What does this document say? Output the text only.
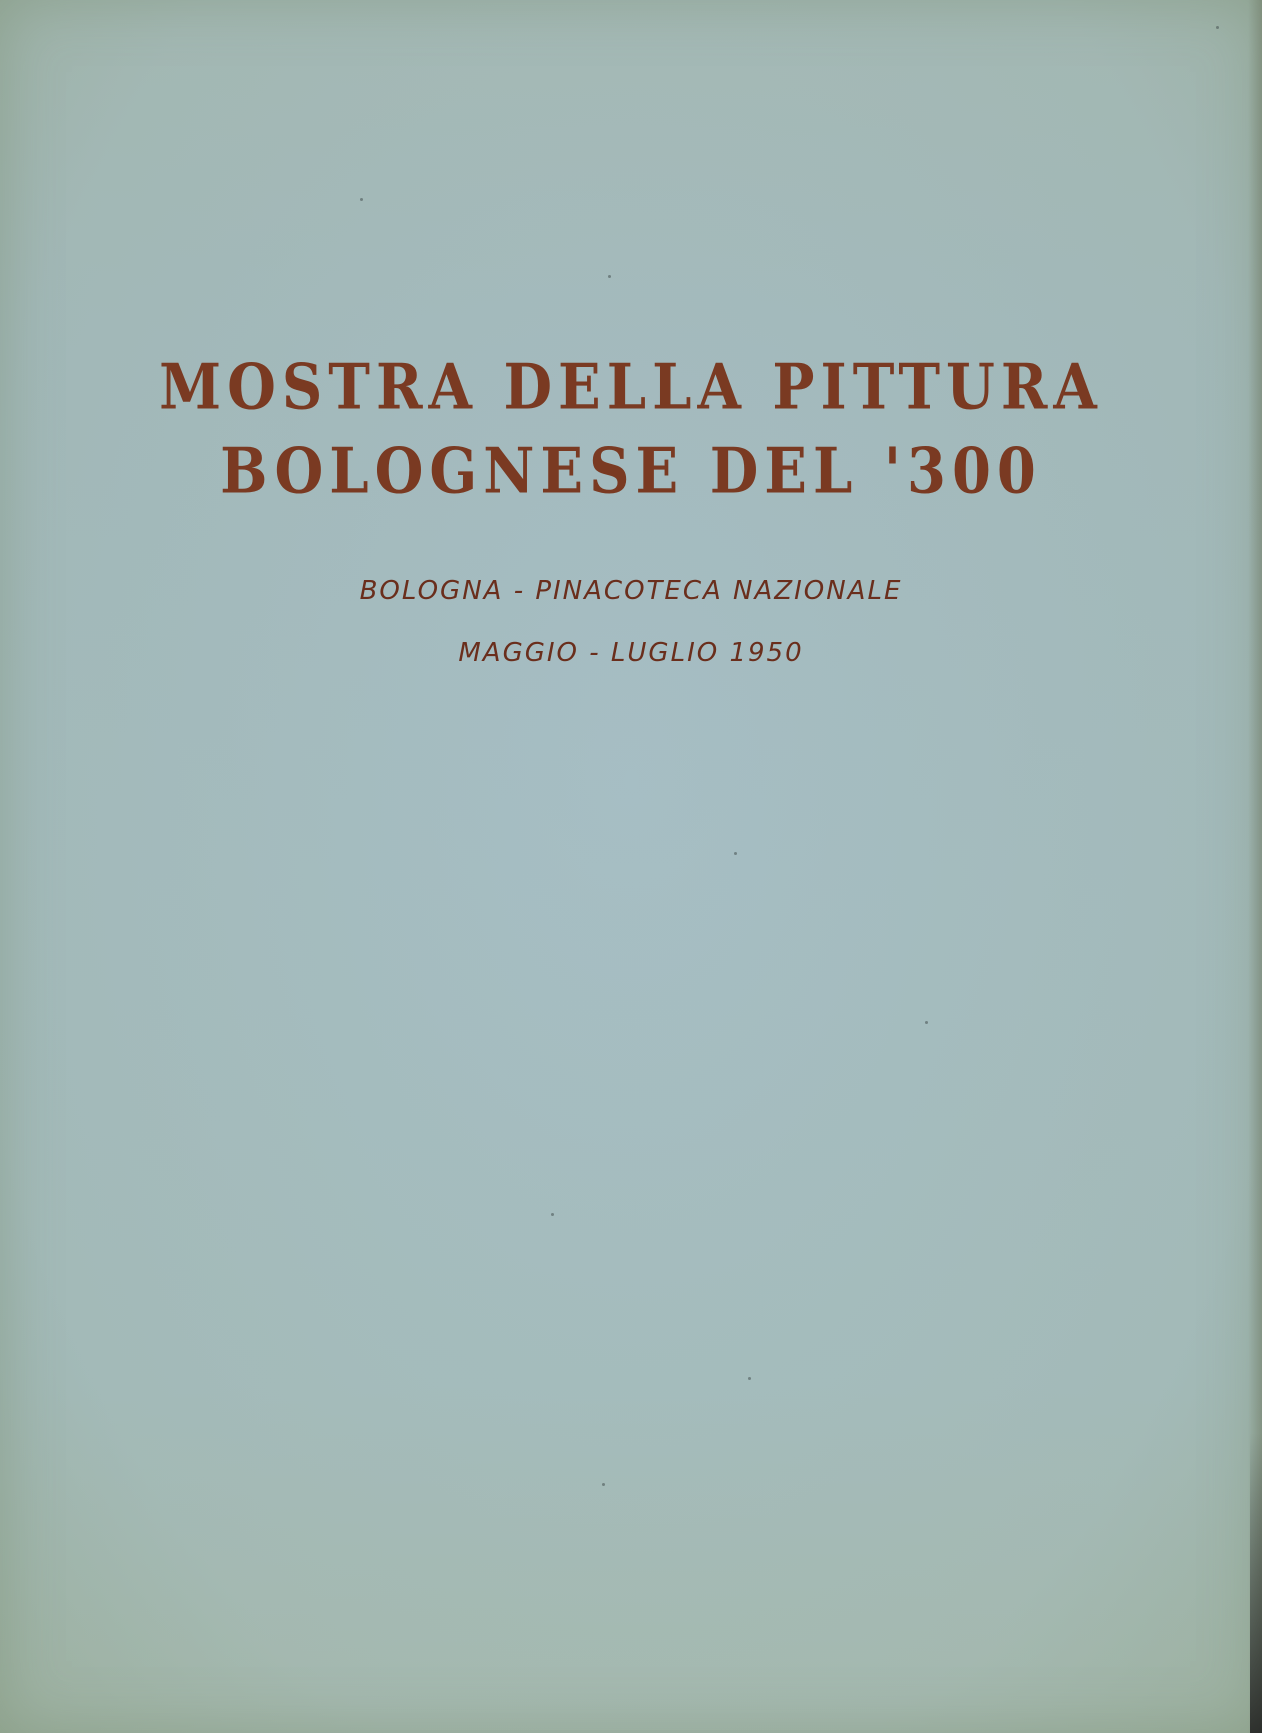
MOSTRA DELLA PITTURA
BOLOGNESE DEL '300
BOLOGNA - PINACOTECA NAZIONALE
MAGGIO - LUGLIO 1950
